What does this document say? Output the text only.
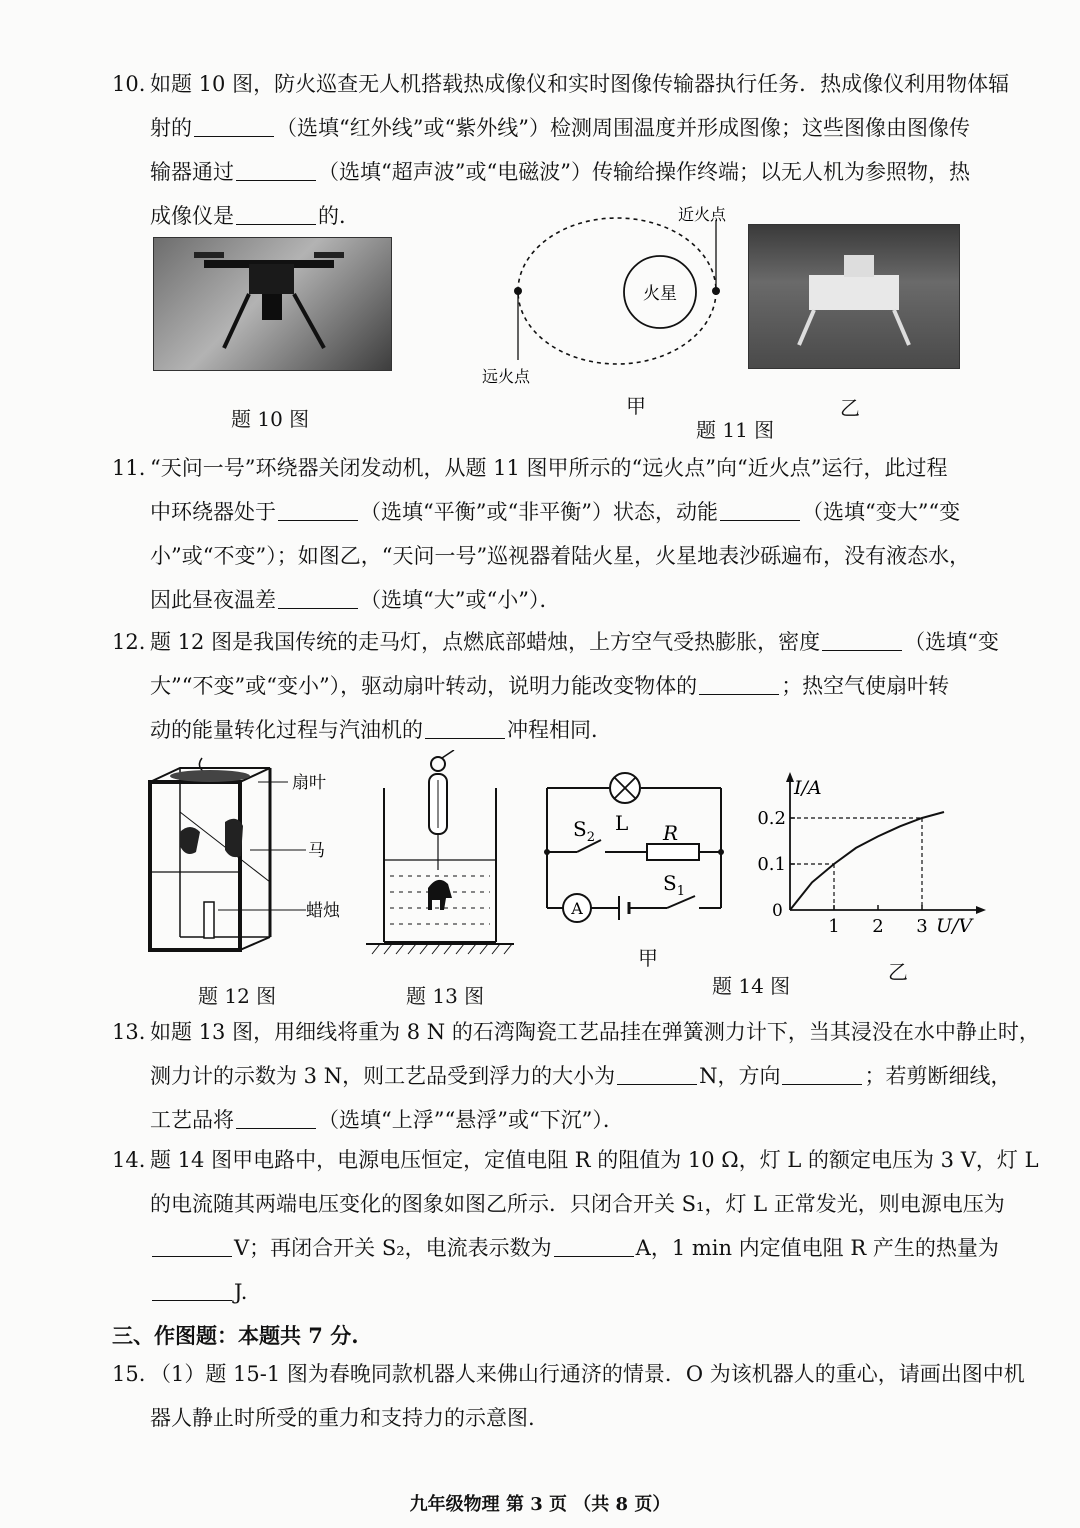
10. 如题 10 图，防火巡查无人机搭载热成像仪和实时图像传输器执行任务．热成像仪利用物体辐
射的	（选填“红外线”或“紫外线”）检测周围温度并形成图像；这些图像由图像传
输器通过	（选填“超声波”或“电磁波”）传输给操作终端；以无人机为参照物，热
成像仪是	的．
题 10 图
火星
近火点
远火点
甲	乙
题 11 图
11. “天问一号”环绕器关闭发动机，从题 11 图甲所示的“远火点”向“近火点”运行，此过程
中环绕器处于	（选填“平衡”或“非平衡”）状态，动能	（选填“变大”“变
小”或“不变”）；如图乙，“天问一号”巡视器着陆火星，火星地表沙砾遍布，没有液态水，
因此昼夜温差	（选填“大”或“小”）．
12. 题 12 图是我国传统的走马灯，点燃底部蜡烛，上方空气受热膨胀，密度	（选填“变
大”“不变”或“变小”），驱动扇叶转动，说明力能改变物体的	；热空气使扇叶转
动的能量转化过程与汽油机的	冲程相同．
扇叶
马
蜡烛
题 12 图	题 13 图
A
$S_2$
L R
$S_1$
甲
1 2 3
0.1
0.2
I/A
U/V
0
乙
题 14 图
13. 如题 13 图，用细线将重为 8 N 的石湾陶瓷工艺品挂在弹簧测力计下，当其浸没在水中静止时，
测力计的示数为 3 N，则工艺品受到浮力的大小为	N，方向	；若剪断细线，
工艺品将	（选填“上浮”“悬浮”或“下沉”）．
14. 题 14 图甲电路中，电源电压恒定，定值电阻 R 的阻值为 10 Ω，灯 L 的额定电压为 3 V，灯 L
的电流随其两端电压变化的图象如图乙所示．只闭合开关 S₁，灯 L 正常发光，则电源电压为
V；再闭合开关 S₂，电流表示数为	A，1 min 内定值电阻 R 产生的热量为
J.
三、作图题：本题共 7 分.
15. （1）题 15-1 图为春晚同款机器人来佛山行通济的情景．O 为该机器人的重心，请画出图中机
器人静止时所受的重力和支持力的示意图.
九年级物理 第 3 页 （共 8 页）
